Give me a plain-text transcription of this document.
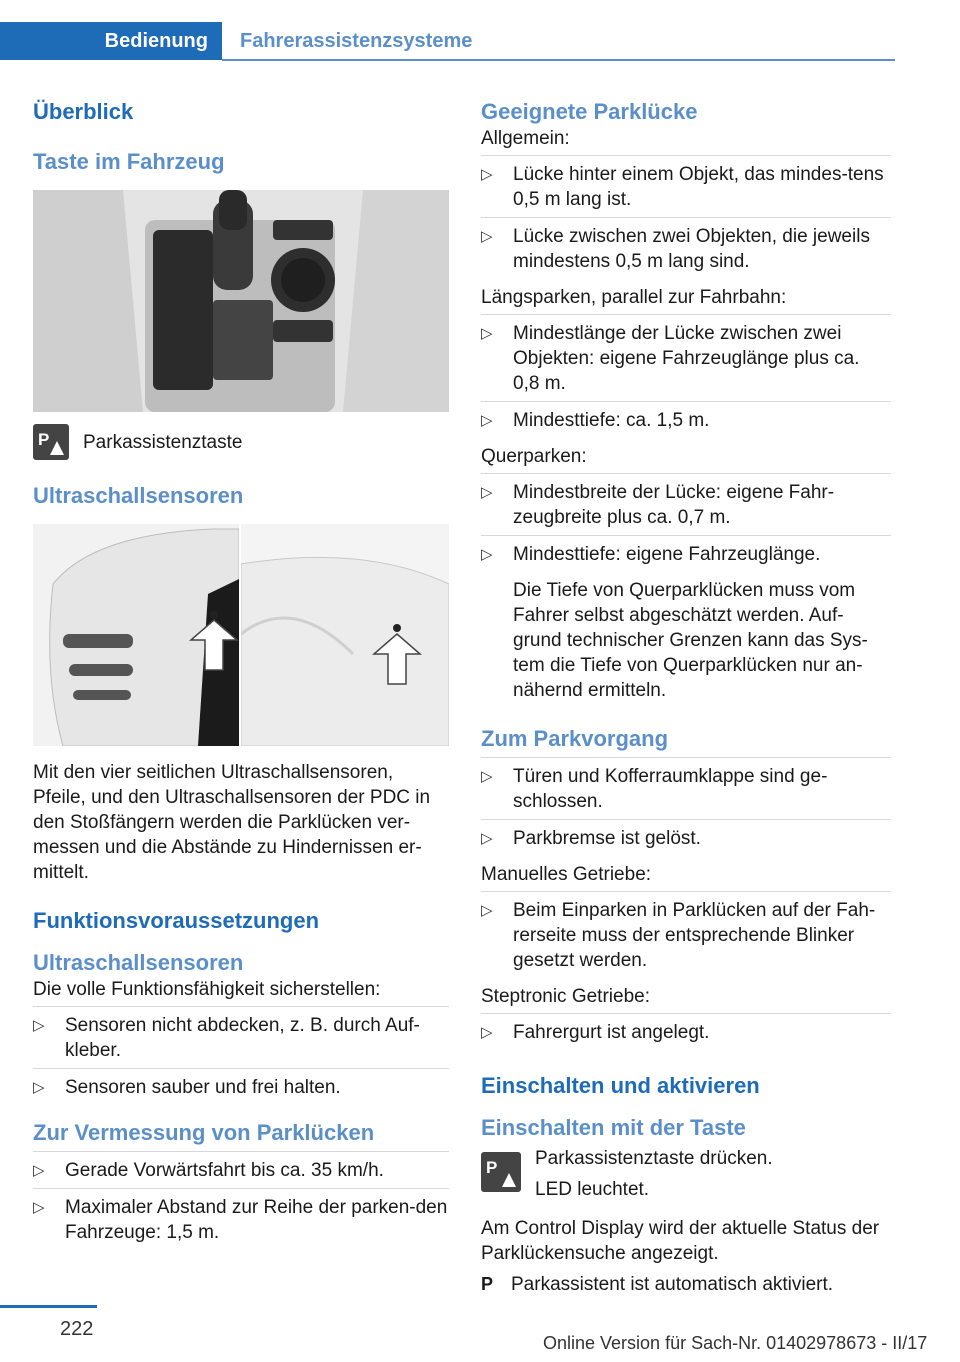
Bedienung	Fahrerassistenzsysteme
Überblick
Taste im Fahrzeug
P Parkassistenztaste

Ultraschallsensoren

Mit den vier seitlichen Ultraschallsensoren, Pfeile, und den Ultraschallsensoren der PDC in den Stoßfängern werden die Parklücken ver-messen und die Abstände zu Hindernissen er-mittelt.

Funktionsvoraussetzungen
Ultraschallsensoren

Die volle Funktionsfähigkeit sicherstellen:

▷ Sensoren nicht abdecken, z. B. durch Auf-kleber.
▷ Sensoren sauber und frei halten.
Zur Vermessung von Parklücken
▷ Gerade Vorwärtsfahrt bis ca. 35 km/h.
▷ Maximaler Abstand zur Reihe der parken-den Fahrzeuge: 1,5 m.
Geeignete Parklücke

Allgemein:

▷ Lücke hinter einem Objekt, das mindes-tens 0,5 m lang ist.
▷ Lücke zwischen zwei Objekten, die jeweils mindestens 0,5 m lang sind.

Längsparken, parallel zur Fahrbahn:

▷ Mindestlänge der Lücke zwischen zwei Objekten: eigene Fahrzeuglänge plus ca. 0,8 m.
▷ Mindesttiefe: ca. 1,5 m.

Querparken:

▷ Mindestbreite der Lücke: eigene Fahr-zeugbreite plus ca. 0,7 m.
▷ Mindesttiefe: eigene Fahrzeuglänge.

Die Tiefe von Querparklücken muss vom Fahrer selbst abgeschätzt werden. Auf-grund technischer Grenzen kann das Sys-tem die Tiefe von Querparklücken nur an-nähernd ermitteln.

Zum Parkvorgang
▷ Türen und Kofferraumklappe sind ge-schlossen.
▷ Parkbremse ist gelöst.

Manuelles Getriebe:

▷ Beim Einparken in Parklücken auf der Fah-rerseite muss der entsprechende Blinker gesetzt werden.

Steptronic Getriebe:

▷ Fahrergurt ist angelegt.
Einschalten und aktivieren
Einschalten mit der Taste
P Parkassistenztaste drücken.

LED leuchtet.

Am Control Display wird der aktuelle Status der Parklückensuche angezeigt.

P Parkassistent ist automatisch aktiviert.

222
Online Version für Sach-Nr. 01402978673 - II/17
